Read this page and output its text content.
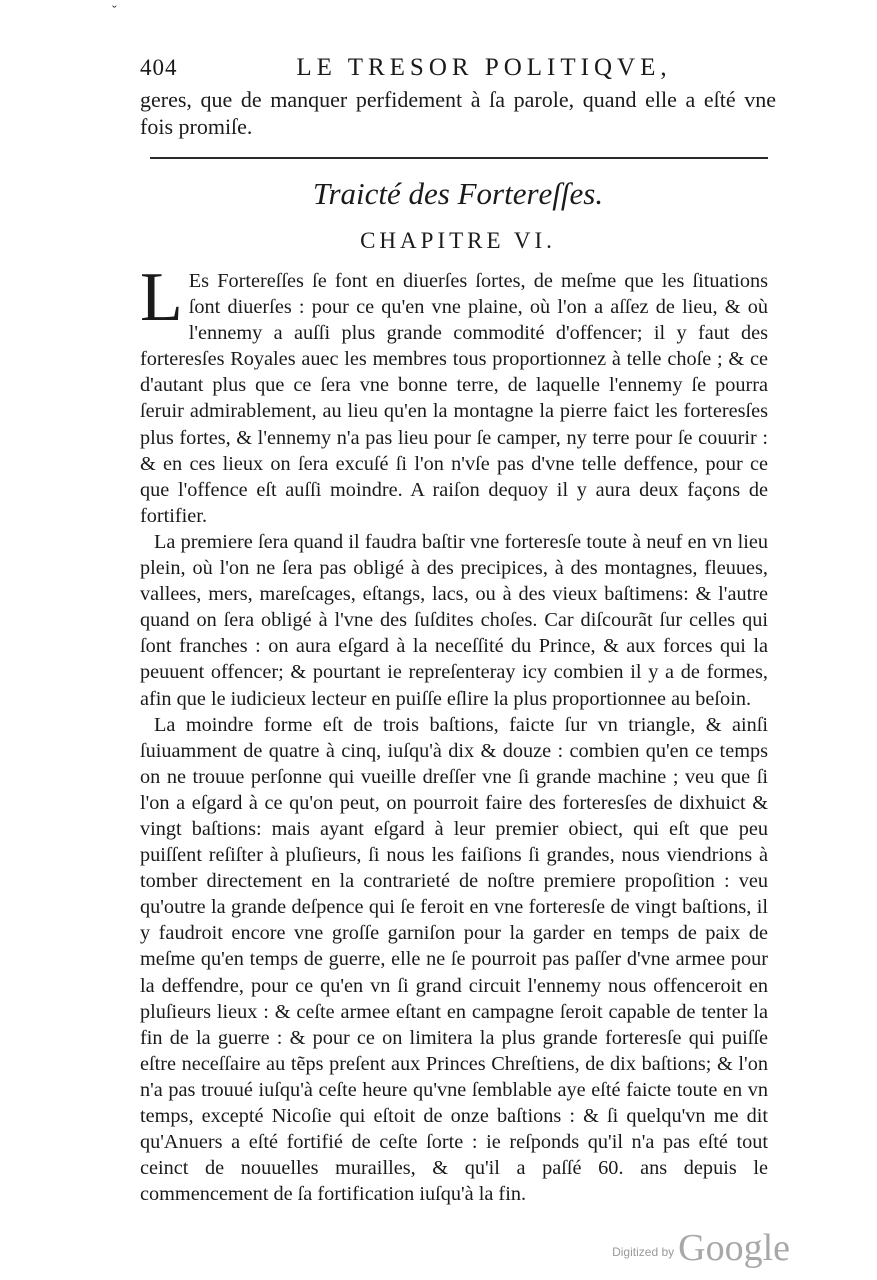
ˇ
404	LE TRESOR POLITIQVE,
geres, que de manquer perfidement à ſa parole, quand elle a eſté vne fois promiſe.
Traicté des Forterеſſes.
CHAPITRE VI.

L Es Forterеſſes ſe font en diuerſes ſortes, de meſme que les ſituations ſont diuerſes : pour ce qu'en vne plaine, où l'on a aſſez de lieu, & où l'ennemy a auſſi plus grande commodité d'offencer; il y faut des forteresſes Royales auec les membres tous proportionnez à telle choſe ; & ce d'autant plus que ce ſera vne bonne terre, de laquelle l'ennemy ſe pourra ſeruir admirablement, au lieu qu'en la montagne la pierre faict les forteresſes plus fortes, & l'ennemy n'a pas lieu pour ſe camper, ny terre pour ſe couurir : & en ces lieux on ſera excuſé ſi l'on n'vſe pas d'vne telle deffence, pour ce que l'offence eſt auſſi moindre. A raiſon dequoy il y aura deux façons de fortifier.

La premiere ſera quand il faudra baſtir vne forteresſe toute à neuf en vn lieu plein, où l'on ne ſera pas obligé à des precipices, à des montagnes, fleuues, vallees, mers, mareſcages, eſtangs, lacs, ou à des vieux baſtimens: & l'autre quand on ſera obligé à l'vne des ſuſdites choſes. Car diſcourãt ſur celles qui ſont franches : on aura eſgard à la neceſſité du Prince, & aux forces qui la peuuent offencer; & pourtant ie repreſenteray icy combien il y a de formes, afin que le iudicieux lecteur en puiſſe eſlire la plus proportionnee au beſoin.

La moindre forme eſt de trois baſtions, faicte ſur vn triangle, & ainſi ſuiuamment de quatre à cinq, iuſqu'à dix & douze : combien qu'en ce temps on ne trouue perſonne qui vueille dreſſer vne ſi grande machine ; veu que ſi l'on a eſgard à ce qu'on peut, on pourroit faire des forteresſes de dixhuict & vingt baſtions: mais ayant eſgard à leur premier obiect, qui eſt que peu puiſſent reſiſter à pluſieurs, ſi nous les faiſions ſi grandes, nous viendrions à tomber directement en la contrarieté de noſtre premiere propoſition : veu qu'outre la grande deſpence qui ſe feroit en vne forteresſe de vingt baſtions, il y faudroit encore vne groſſe garniſon pour la garder en temps de paix de meſme qu'en temps de guerre, elle ne ſe pourroit pas paſſer d'vne armee pour la deffendre, pour ce qu'en vn ſi grand circuit l'ennemy nous offenceroit en pluſieurs lieux : & ceſte armee eſtant en campagne ſeroit capable de tenter la fin de la guerre : & pour ce on limitera la plus grande forteresſe qui puiſſe eſtre neceſſaire au tẽps preſent aux Princes Chreſtiens, de dix baſtions; & l'on n'a pas trouué iuſqu'à ceſte heure qu'vne ſemblable aye eſté faicte toute en vn temps, excepté Nicoſie qui eſtoit de onze baſtions : & ſi quelqu'vn me dit qu'Anuers a eſté fortifié de ceſte ſorte : ie reſponds qu'il n'a pas eſté tout ceinct de nouuelles murailles, & qu'il a paſſé 60. ans depuis le commencement de ſa fortification iuſqu'à la fin.

Digitized by Google
